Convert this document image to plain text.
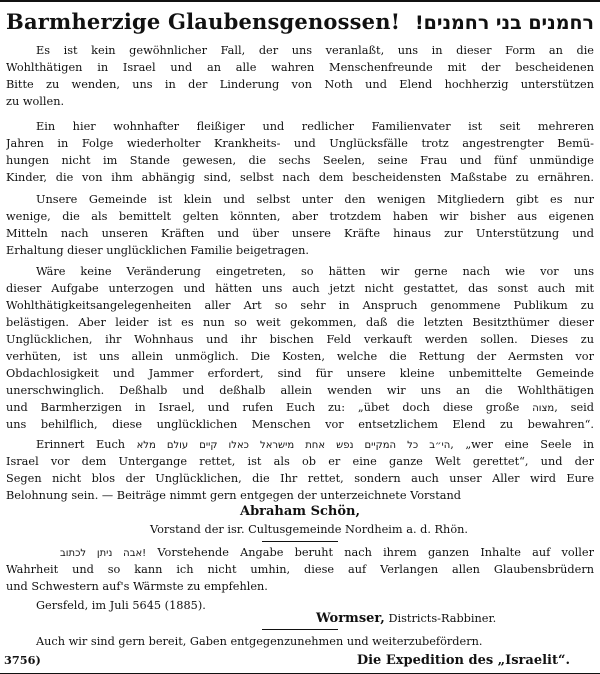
Barmherzige Glaubensgenossen! רחמנים בני רחמנים!
Es ist kein gewöhnlicher Fall, der uns veranlaßt, uns in dieser Form an die
Wohlthätigen in Israel und an alle wahren Menschenfreunde mit der bescheidenen
Bitte zu wenden, uns in der Linderung von Noth und Elend hochherzig unterstützen
zu wollen.
Ein hier wohnhafter fleißiger und redlicher Familienvater ist seit mehreren
Jahren in Folge wiederholter Krankheits- und Unglücksfälle trotz angestrengter Bemü-
hungen nicht im Stande gewesen, die sechs Seelen, seine Frau und fünf unmündige
Kinder, die von ihm abhängig sind, selbst nach dem bescheidensten Maßstabe zu ernähren.
Unsere Gemeinde ist klein und selbst unter den wenigen Mitgliedern gibt es nur
wenige, die als bemittelt gelten könnten, aber trotzdem haben wir bisher aus eigenen
Mitteln nach unseren Kräften und über unsere Kräfte hinaus zur Unterstützung und
Erhaltung dieser unglücklichen Familie beigetragen.
Wäre keine Veränderung eingetreten, so hätten wir gerne nach wie vor uns
dieser Aufgabe unterzogen und hätten uns auch jetzt nicht gestattet, das sonst auch mit
Wohlthätigkeitsangelegenheiten aller Art so sehr in Anspruch genommene Publikum zu
belästigen. Aber leider ist es nun so weit gekommen, daß die letzten Besitzthümer dieser
Unglücklichen, ihr Wohnhaus und ihr bischen Feld verkauft werden sollen. Dieses zu
verhüten, ist uns allein unmöglich. Die Kosten, welche die Rettung der Aermsten vor
Obdachlosigkeit und Jammer erfordert, sind für unsere kleine unbemittelte Gemeinde
unerschwinglich. Deßhalb und deßhalb allein wenden wir uns an die Wohlthätigen
und Barmherzigen in Israel, und rufen Euch zu: „übet doch diese große מצוה, seid
uns behilflich, diese unglücklichen Menschen vor entsetzlichem Elend zu bewahren“.
Erinnert Euch הי״ב כל המקיים נפש אחת מישראל כאלו קיים עולם מלא, „wer eine Seele in
Israel vor dem Untergange rettet, ist als ob er eine ganze Welt gerettet“, und der
Segen nicht blos der Unglücklichen, die Ihr rettet, sondern auch unser Aller wird Eure
Belohnung sein. — Beiträge nimmt gern entgegen der unterzeichnete Vorstand
Abraham Schön,
Vorstand der isr. Cultusgemeinde Nordheim a. d. Rhön.
אבה ניתן לכתוב! Vorstehende Angabe beruht nach ihrem ganzen Inhalte auf voller
Wahrheit und so kann ich nicht umhin, diese auf Verlangen allen Glaubensbrüdern
und Schwestern auf's Wärmste zu empfehlen.
Gersfeld, im Juli 5645 (1885).
Wormser, Districts-Rabbiner.
Auch wir sind gern bereit, Gaben entgegenzunehmen und weiterzubefördern.
3756)	Die Expedition des „Israelit“.
